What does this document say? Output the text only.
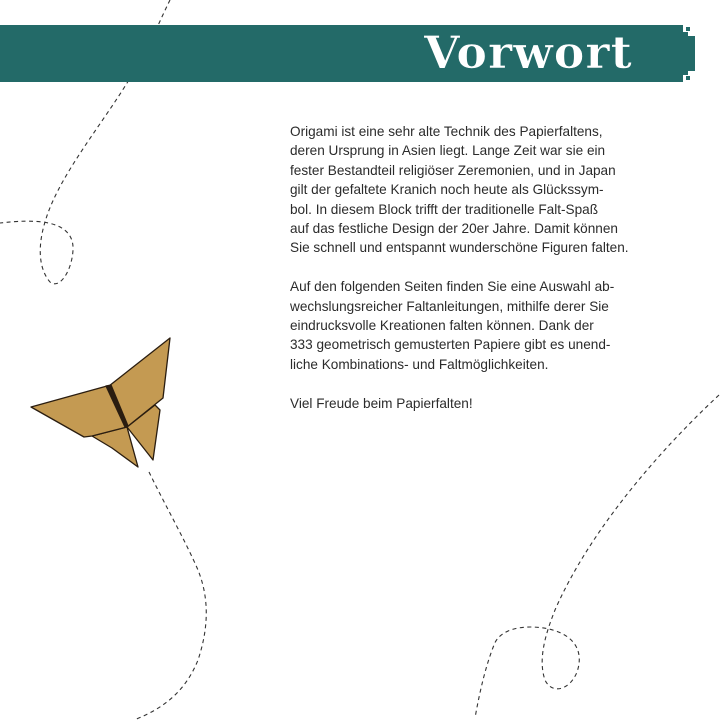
Vorwort

Origami ist eine sehr alte Technik des Papierfaltens,
deren Ursprung in Asien liegt. Lange Zeit war sie ein
fester Bestandteil religiöser Zeremonien, und in Japan
gilt der gefaltete Kranich noch heute als Glückssym-
bol. In diesem Block trifft der traditionelle Falt-Spaß
auf das festliche Design der 20er Jahre. Damit können
Sie schnell und entspannt wunderschöne Figuren falten.

Auf den folgenden Seiten finden Sie eine Auswahl ab-
wechslungsreicher Faltanleitungen, mithilfe derer Sie
eindrucksvolle Kreationen falten können. Dank der
333 geometrisch gemusterten Papiere gibt es unend-
liche Kombinations- und Faltmöglichkeiten.

Viel Freude beim Papierfalten!
